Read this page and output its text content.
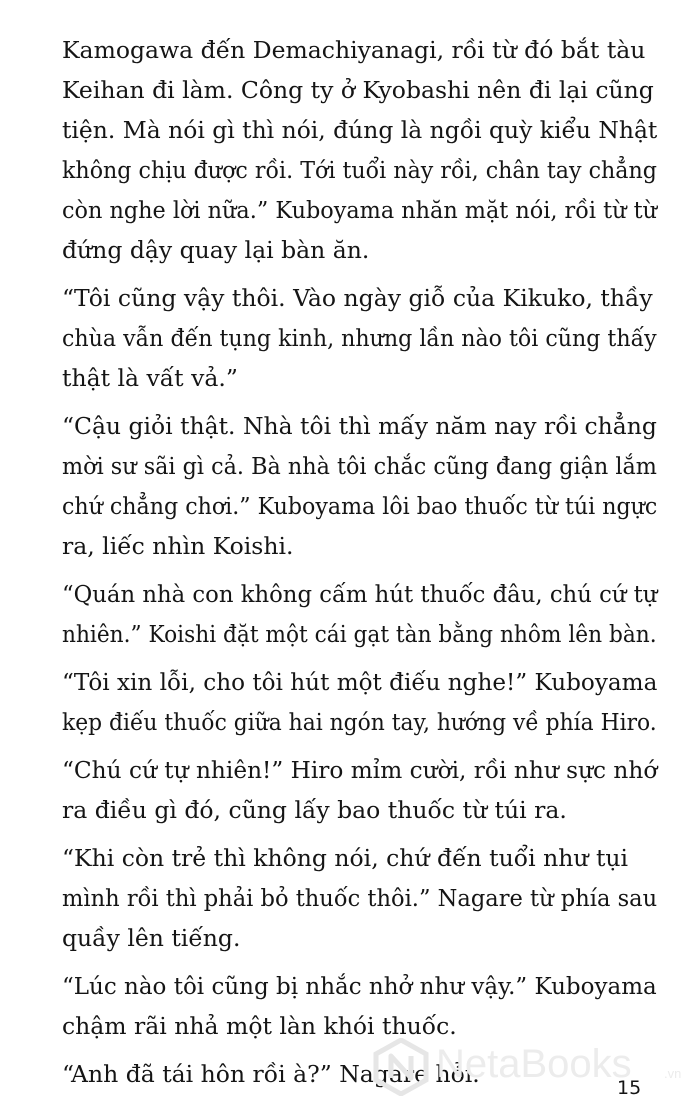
Kamogawa đến Demachiyanagi, rồi từ đó bắt tàu
Keihan đi làm. Công ty ở Kyobashi nên đi lại cũng
tiện. Mà nói gì thì nói, đúng là ngồi quỳ kiểu Nhật
không chịu được rồi. Tới tuổi này rồi, chân tay chẳng
còn nghe lời nữa.” Kuboyama nhăn mặt nói, rồi từ từ
đứng dậy quay lại bàn ăn.
“Tôi cũng vậy thôi. Vào ngày giỗ của Kikuko, thầy
chùa vẫn đến tụng kinh, nhưng lần nào tôi cũng thấy
thật là vất vả.”
“Cậu giỏi thật. Nhà tôi thì mấy năm nay rồi chẳng
mời sư sãi gì cả. Bà nhà tôi chắc cũng đang giận lắm
chứ chẳng chơi.” Kuboyama lôi bao thuốc từ túi ngực
ra, liếc nhìn Koishi.
“Quán nhà con không cấm hút thuốc đâu, chú cứ tự
nhiên.” Koishi đặt một cái gạt tàn bằng nhôm lên bàn.
“Tôi xin lỗi, cho tôi hút một điếu nghe!” Kuboyama
kẹp điếu thuốc giữa hai ngón tay, hướng về phía Hiro.
“Chú cứ tự nhiên!” Hiro mỉm cười, rồi như sực nhớ
ra điều gì đó, cũng lấy bao thuốc từ túi ra.
“Khi còn trẻ thì không nói, chứ đến tuổi như tụi
mình rồi thì phải bỏ thuốc thôi.” Nagare từ phía sau
quầy lên tiếng.
“Lúc nào tôi cũng bị nhắc nhở như vậy.” Kuboyama
chậm rãi nhả một làn khói thuốc.
“Anh đã tái hôn rồi à?” Nagare hỏi.
NetaBooks .vn
15
